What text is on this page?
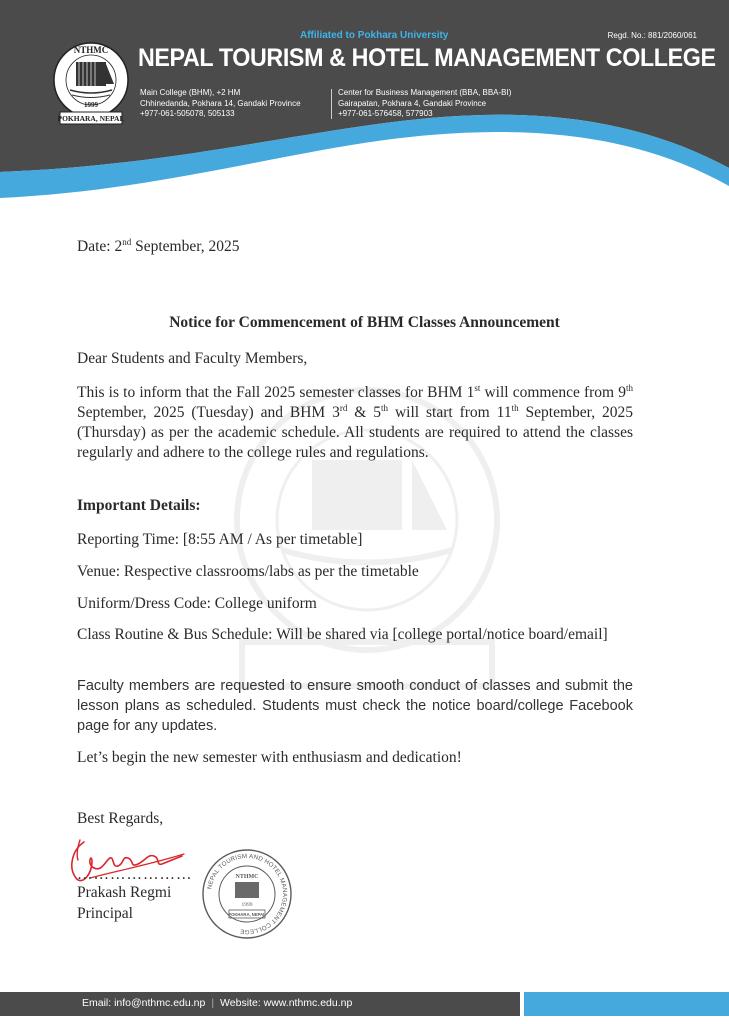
NTHMC
1999
POKHARA, NEPAL
Affiliated to Pokhara University	Regd. No.: 881/2060/061
NEPAL TOURISM & HOTEL MANAGEMENT COLLEGE
Main College (BHM), +2 HM
Chhinedanda, Pokhara 14, Gandaki Province
+977-061-505078, 505133
Center for Business Management (BBA, BBA-BI)
Gairapatan, Pokhara 4, Gandaki Province
+977-061-576458, 577903
Date: 2nd September, 2025
Notice for Commencement of BHM Classes Announcement
Dear Students and Faculty Members,
This is to inform that the Fall 2025 semester classes for BHM 1st will commence from 9th September, 2025 (Tuesday) and BHM 3rd & 5th will start from 11th September, 2025 (Thursday) as per the academic schedule. All students are required to attend the classes regularly and adhere to the college rules and regulations.
Important Details:
Reporting Time: [8:55 AM / As per timetable]
Venue: Respective classrooms/labs as per the timetable
Uniform/Dress Code: College uniform
Class Routine & Bus Schedule: Will be shared via [college portal/notice board/email]
Faculty members are requested to ensure smooth conduct of classes and submit the lesson plans as scheduled. Students must check the notice board/college Facebook page for any updates.
Let’s begin the new semester with enthusiasm and dedication!
Best Regards,
…………………
Prakash Regmi
Principal
NEPAL TOURISM AND HOTEL MANAGEMENT COLLEGE
NTHMC
1999
POKHARA, NEPAL
Email: info@nthmc.edu.np | Website: www.nthmc.edu.np
